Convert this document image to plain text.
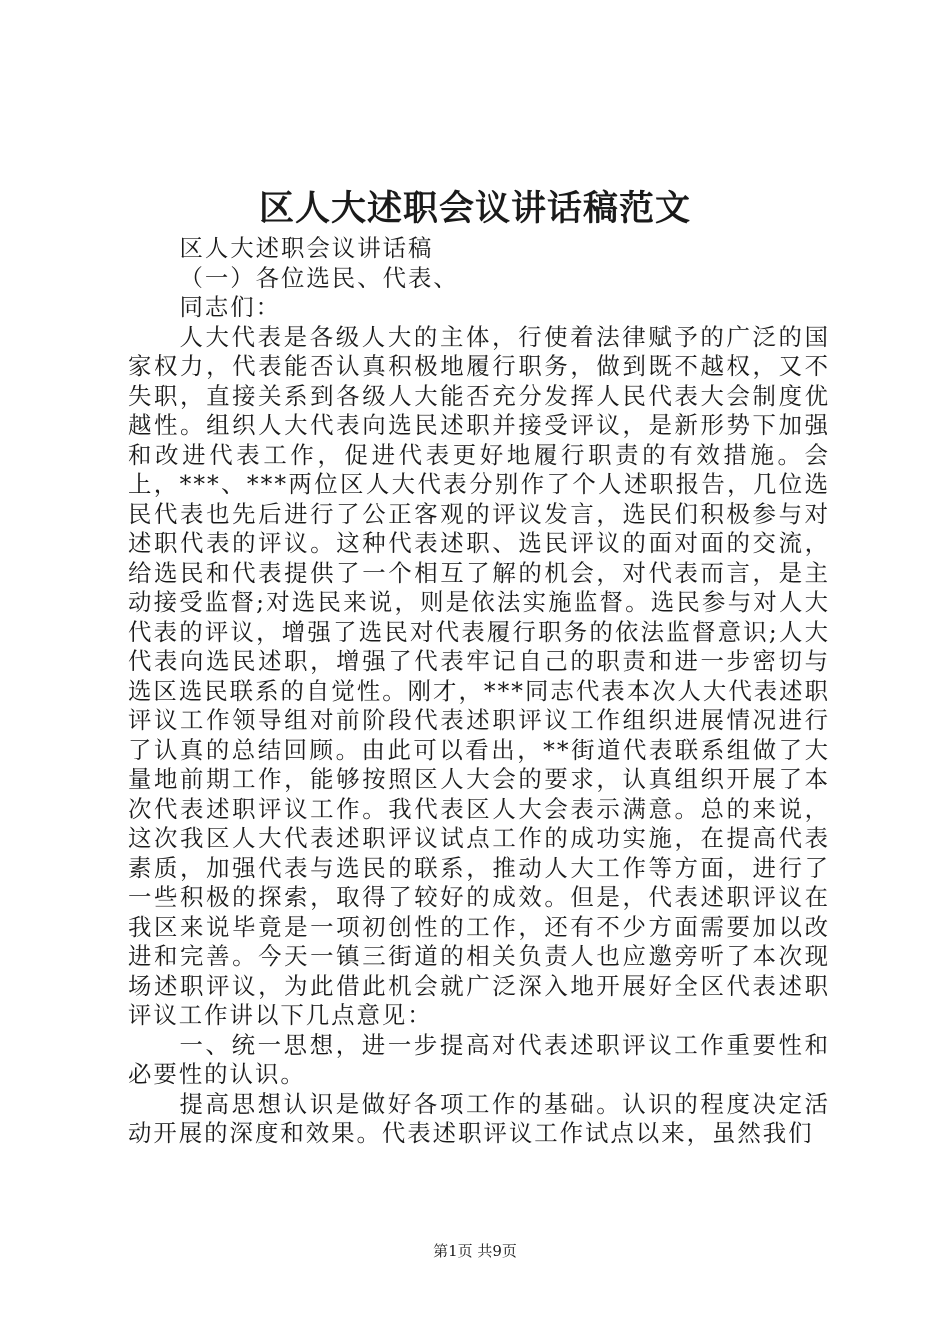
区人大述职会议讲话稿范文

区人大述职会议讲话稿

（一）各位选民、代表、

同志们：

人大代表是各级人大的主体，行使着法律赋予的广泛的国家权力，代表能否认真积极地履行职务，做到既不越权，又不失职，直接关系到各级人大能否充分发挥人民代表大会制度优越性。组织人大代表向选民述职并接受评议，是新形势下加强和改进代表工作，促进代表更好地履行职责的有效措施。会上，***、***两位区人大代表分别作了个人述职报告，几位选民代表也先后进行了公正客观的评议发言，选民们积极参与对述职代表的评议。这种代表述职、选民评议的面对面的交流，给选民和代表提供了一个相互了解的机会，对代表而言，是主动接受监督;对选民来说，则是依法实施监督。选民参与对人大代表的评议，增强了选民对代表履行职务的依法监督意识;人大代表向选民述职，增强了代表牢记自己的职责和进一步密切与选区选民联系的自觉性。刚才，***同志代表本次人大代表述职评议工作领导组对前阶段代表述职评议工作组织进展情况进行了认真的总结回顾。由此可以看出，**街道代表联系组做了大量地前期工作，能够按照区人大会的要求，认真组织开展了本次代表述职评议工作。我代表区人大会表示满意。总的来说，这次我区人大代表述职评议试点工作的成功实施，在提高代表素质，加强代表与选民的联系，推动人大工作等方面，进行了一些积极的探索，取得了较好的成效。但是，代表述职评议在我区来说毕竟是一项初创性的工作，还有不少方面需要加以改进和完善。今天一镇三街道的相关负责人也应邀旁听了本次现场述职评议，为此借此机会就广泛深入地开展好全区代表述职评议工作讲以下几点意见：

一、统一思想，进一步提高对代表述职评议工作重要性和必要性的认识。

提高思想认识是做好各项工作的基础。认识的程度决定活动开展的深度和效果。代表述职评议工作试点以来，虽然我们

第1页 共9页
